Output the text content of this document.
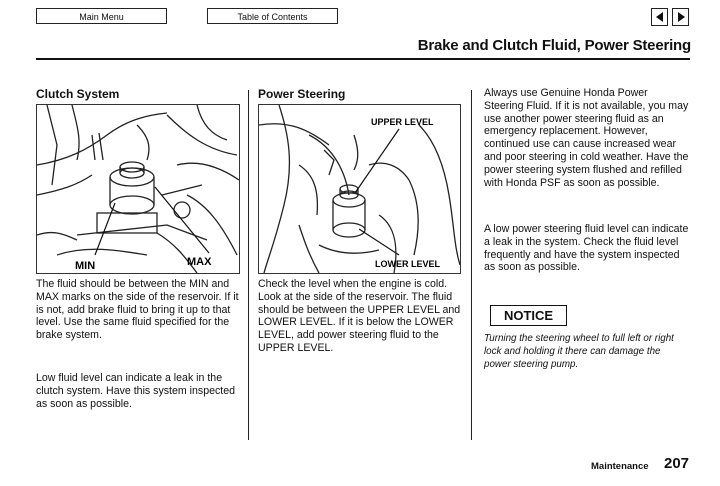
Main Menu	Table of Contents
Brake and Clutch Fluid, Power Steering
Clutch System
MIN	MAX

The fluid should be between the MIN and MAX marks on the side of the reservoir. If it is not, add brake fluid to bring it up to that level. Use the same fluid specified for the brake system.

Low fluid level can indicate a leak in the clutch system. Have this system inspected as soon as possible.

Power Steering
UPPER LEVEL
LOWER LEVEL

Check the level when the engine is cold. Look at the side of the reservoir. The fluid should be between the UPPER LEVEL and LOWER LEVEL. If it is below the LOWER LEVEL, add power steering fluid to the UPPER LEVEL.

Always use Genuine Honda Power Steering Fluid. If it is not available, you may use another power steering fluid as an emergency replacement. However, continued use can cause increased wear and poor steering in cold weather. Have the power steering system flushed and refilled with Honda PSF as soon as possible.

A low power steering fluid level can indicate a leak in the system. Check the fluid level frequently and have the system inspected as soon as possible.

NOTICE

Turning the steering wheel to full left or right lock and holding it there can damage the power steering pump.

Maintenance 207
